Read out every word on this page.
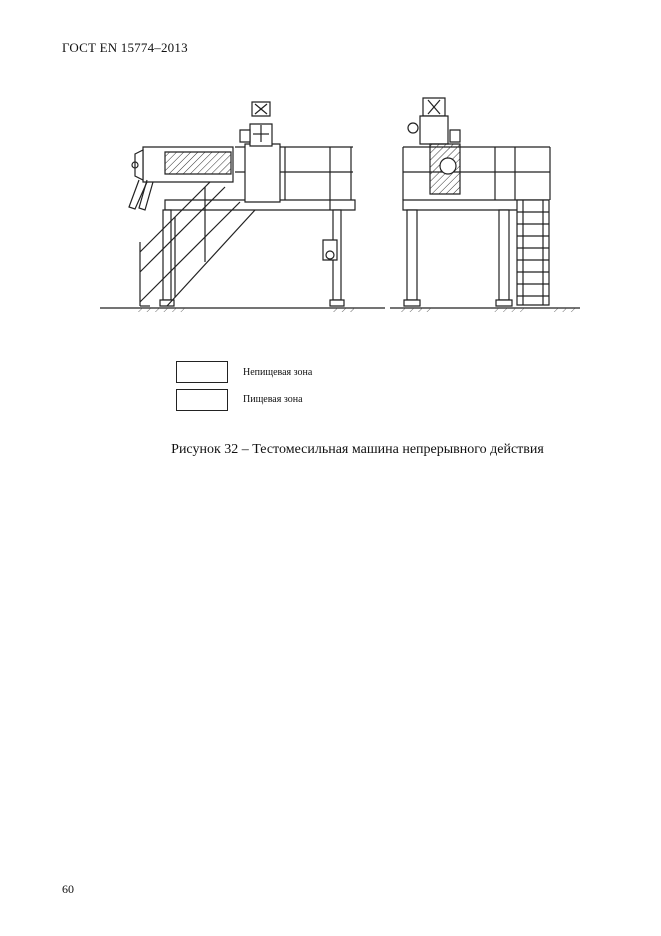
ГОСТ EN 15774–2013
Непищевая зона
Пищевая зона
Рисунок 32 – Тестомесильная машина непрерывного действия
60
